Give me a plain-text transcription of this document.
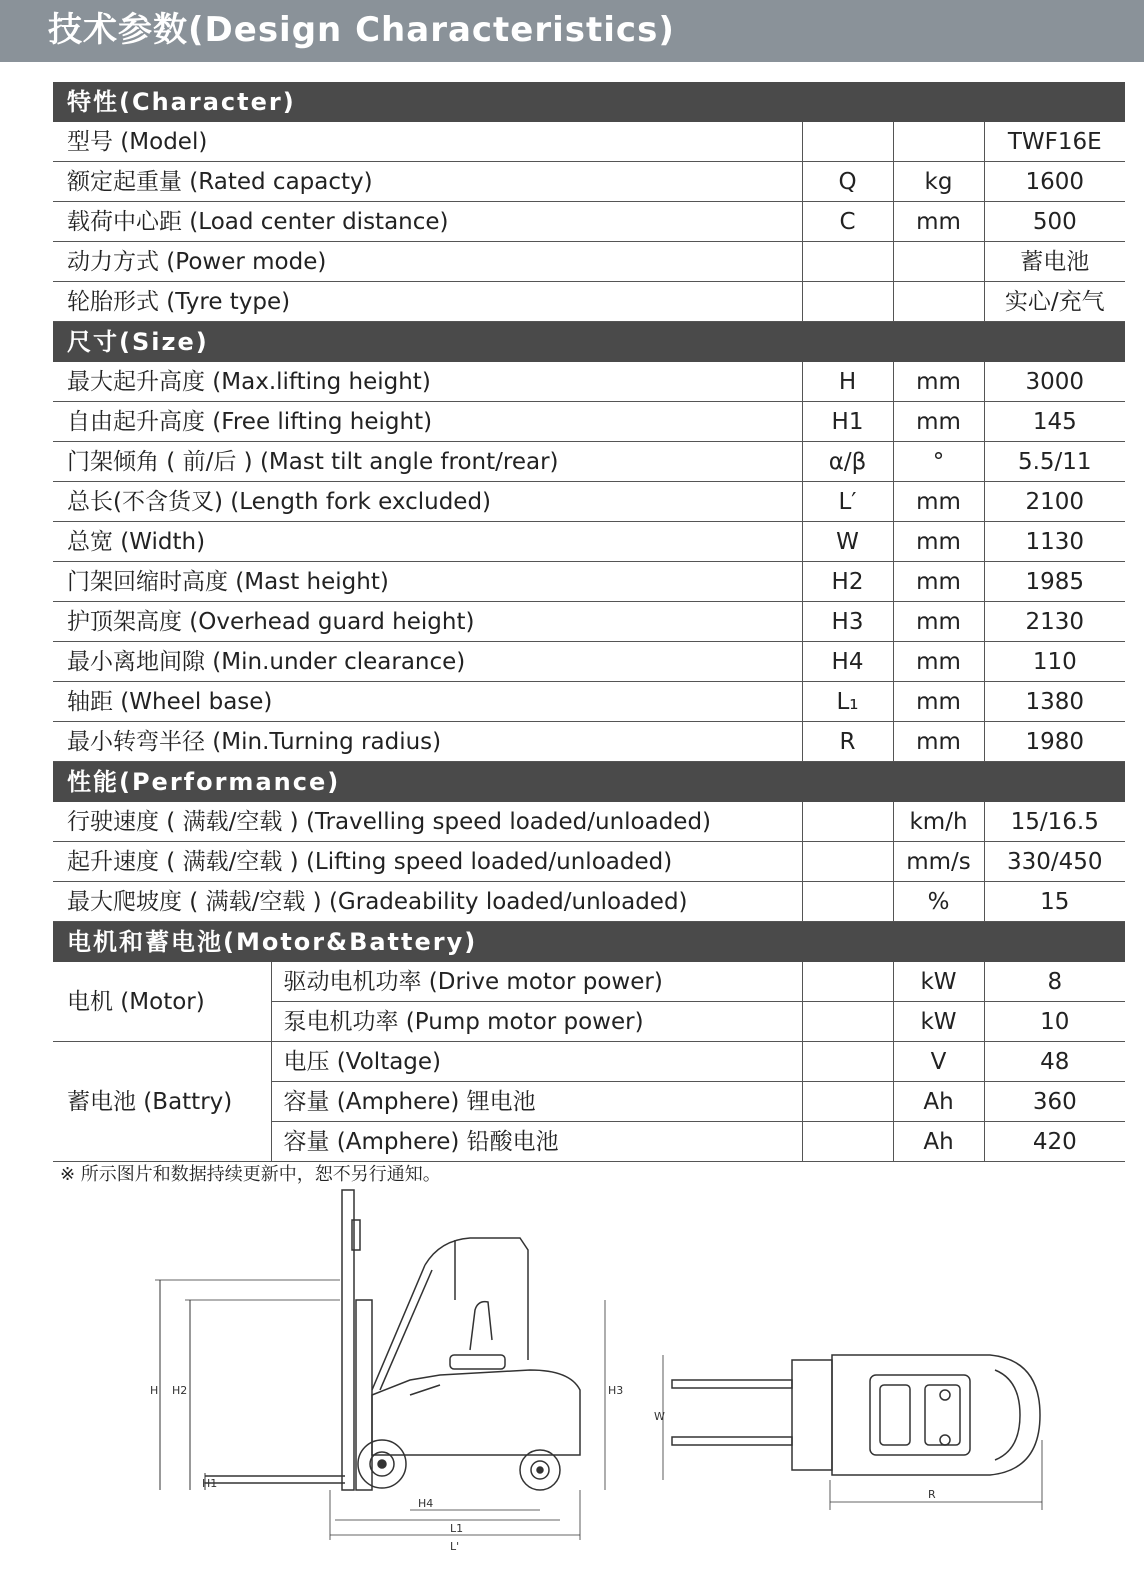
技术参数(Design Characteristics)
特性(Character)				
型号 (Model)				TWF16E
额定起重量 (Rated capacty)		Q	kg	1600
载荷中心距 (Load center distance)		C	mm	500
动力方式 (Power mode)				蓄电池
轮胎形式 (Tyre type)				实心/充气
尺寸(Size)				
最大起升高度 (Max.lifting height)		H	mm	3000
自由起升高度 (Free lifting height)		H1	mm	145
门架倾角 ( 前/后 ) (Mast tilt angle front/rear)		α/β	°	5.5/11
总长(不含货叉) (Length fork excluded)		L′	mm	2100
总宽 (Width)		W	mm	1130
门架回缩时高度 (Mast height)		H2	mm	1985
护顶架高度 (Overhead guard height)		H3	mm	2130
最小离地间隙 (Min.under clearance)		H4	mm	110
轴距 (Wheel base)		L₁	mm	1380
最小转弯半径 (Min.Turning radius)		R	mm	1980
性能(Performance)				
行驶速度 ( 满载/空载 ) (Travelling speed loaded/unloaded)			km/h	15/16.5
起升速度 ( 满载/空载 ) (Lifting speed loaded/unloaded)			mm/s	330/450
最大爬坡度 ( 满载/空载 ) (Gradeability loaded/unloaded)			%	15
电机和蓄电池(Motor&Battery)				
电机 (Motor)	驱动电机功率 (Drive motor power)		kW	8
	泵电机功率 (Pump motor power)		kW	10
蓄电池 (Battry)	电压 (Voltage)		V	48
	容量 (Amphere) 锂电池		Ah	360
	容量 (Amphere) 铅酸电池		Ah	420
※ 所示图片和数据持续更新中，恕不另行通知。
H H2
H1
H3
H4
L1
L'
W
R
